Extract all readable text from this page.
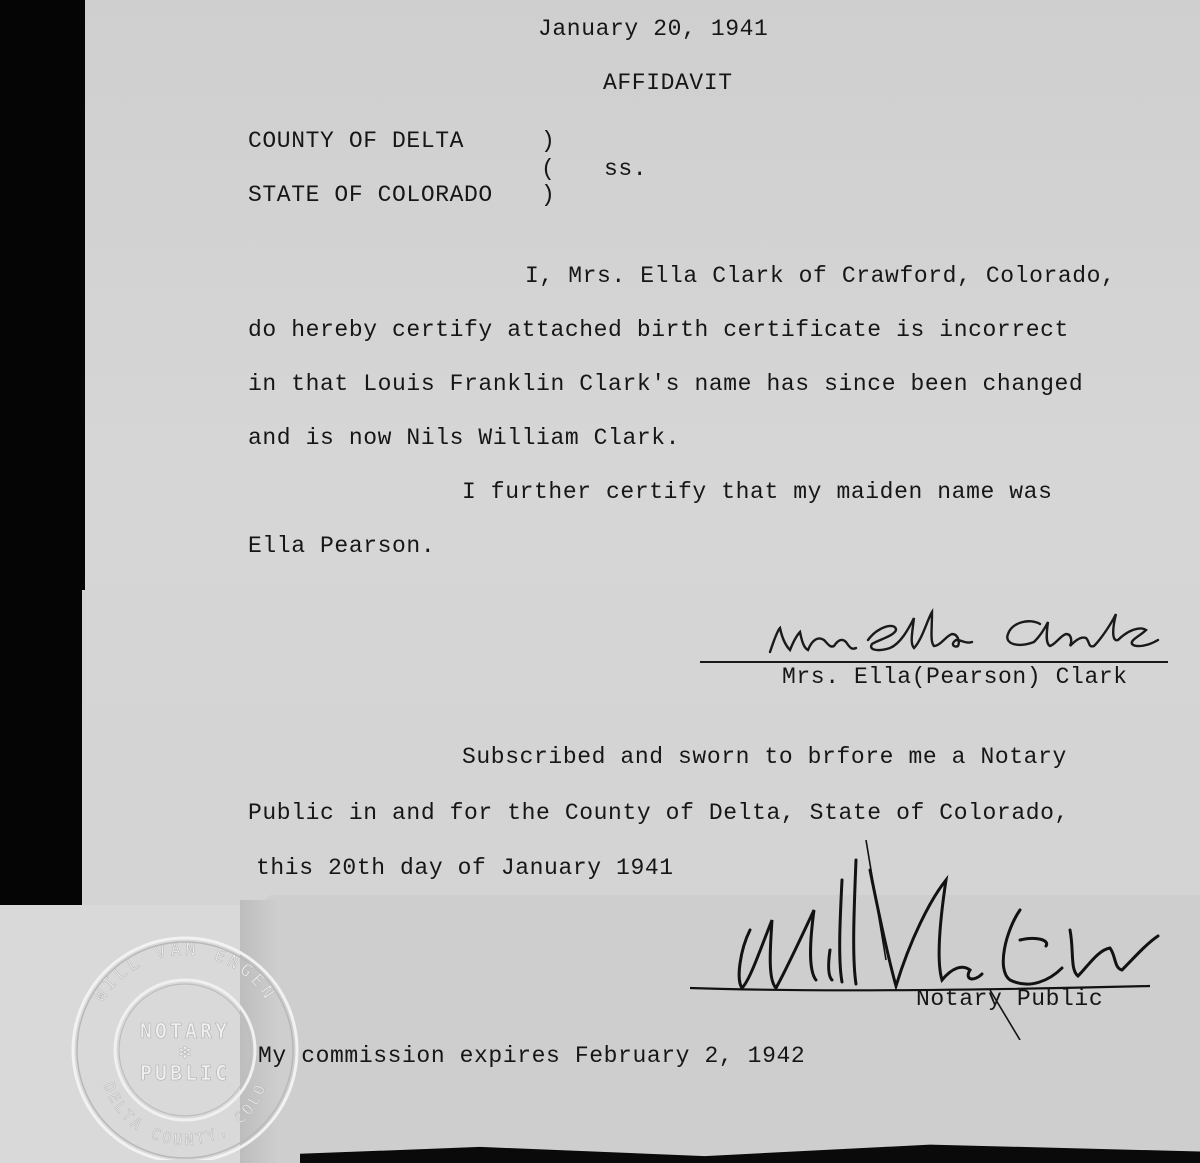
January 20, 1941
AFFIDAVIT
COUNTY OF DELTA	)
( ss.
STATE OF COLORADO )
I, Mrs. Ella Clark of Crawford, Colorado,
do hereby certify attached birth certificate is incorrect
in that Louis Franklin Clark's name has since been changed
and is now Nils William Clark.
I further certify that my maiden name was
Ella Pearson.
Mrs. Ella(Pearson) Clark
Subscribed and sworn to brfore me a Notary
Public in and for the County of Delta, State of Colorado,
this 20th day of January 1941
Notary Public
WILL VAN ENGEN
DELTA COUNTY, COLO
NOTARY
PUBLIC
✻	My commission expires February 2, 1942
